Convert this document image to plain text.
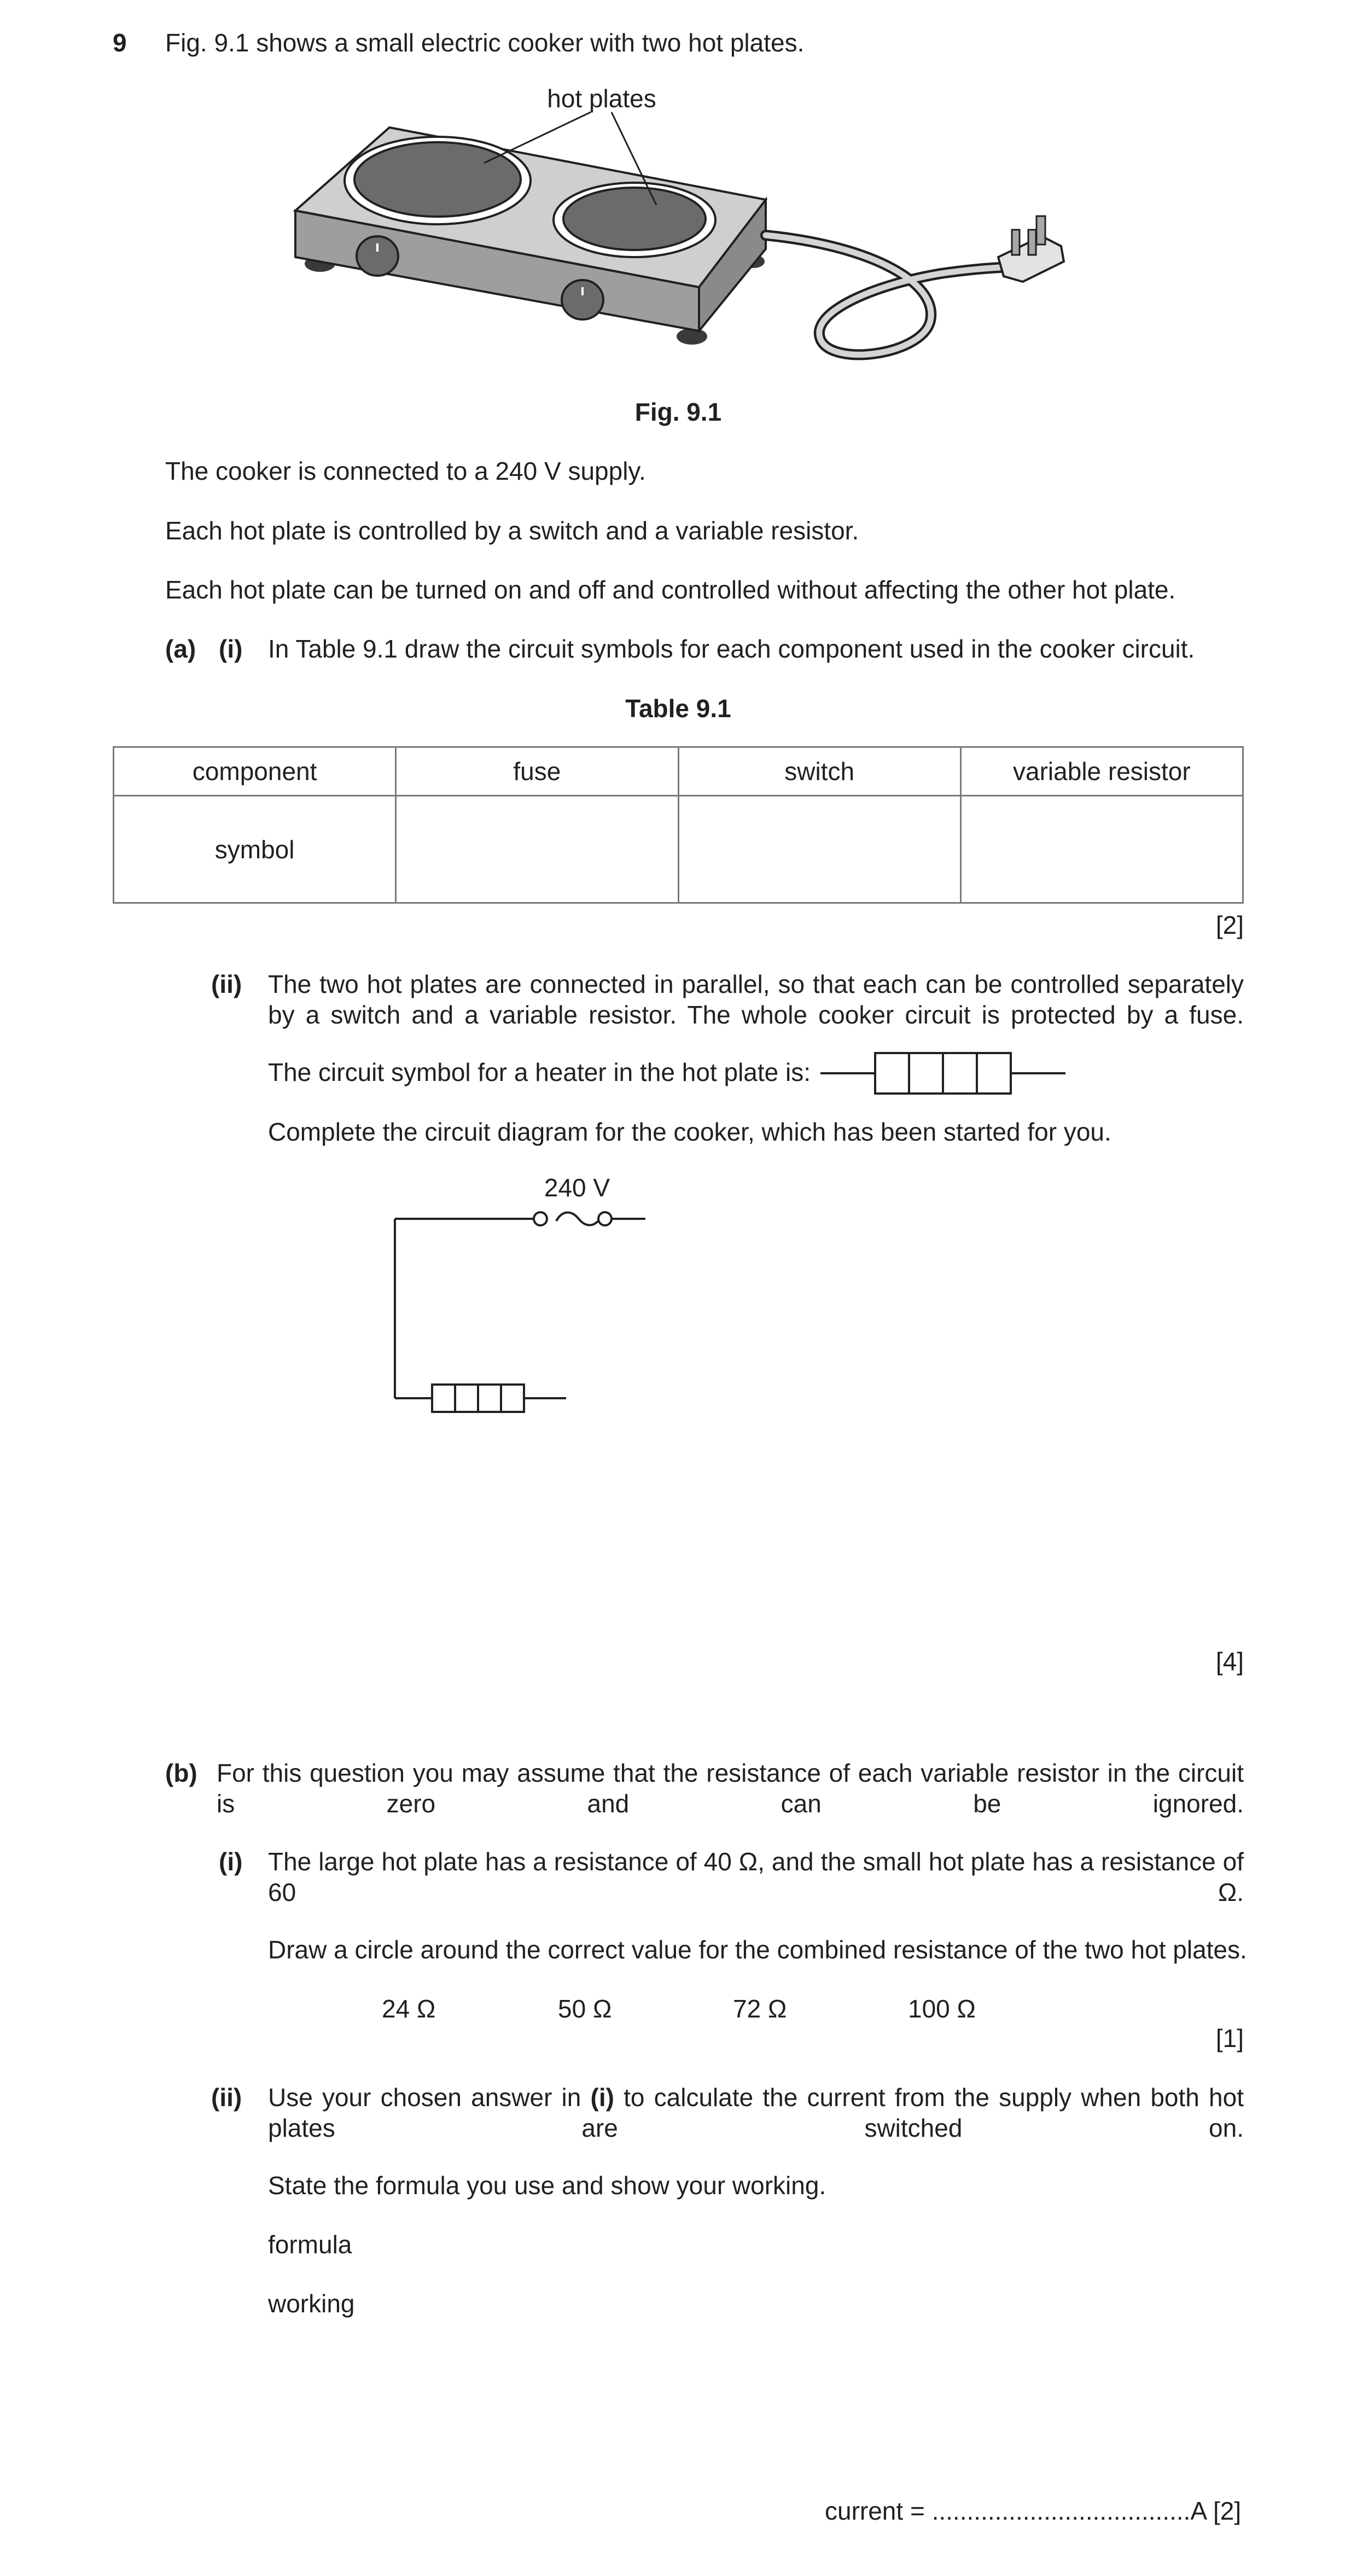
9 Fig. 9.1 shows a small electric cooker with two hot plates.
hot plates
Fig. 9.1
The cooker is connected to a 240 V supply.
Each hot plate is controlled by a switch and a variable resistor.
Each hot plate can be turned on and off and controlled without affecting the other hot plate.
(a) (i) In Table 9.1 draw the circuit symbols for each component used in the cooker circuit.
Table 9.1
component	fuse	switch	variable resistor
symbol			
[2]
(ii) The two hot plates are connected in parallel, so that each can be controlled separately by a switch and a variable resistor. The whole cooker circuit is protected by a fuse.
The circuit symbol for a heater in the hot plate is:
Complete the circuit diagram for the cooker, which has been started for you.
240 V
[4]
(b) For this question you may assume that the resistance of each variable resistor in the circuit is zero and can be ignored.
(i) The large hot plate has a resistance of 40 Ω, and the small hot plate has a resistance of 60 Ω.
Draw a circle around the correct value for the combined resistance of the two hot plates.
24 Ω	50 Ω	72 Ω	100 Ω
[1]
(ii) Use your chosen answer in (i) to calculate the current from the supply when both hot plates are switched on.
State the formula you use and show your working.
formula
working
current = .....................................A [2]
